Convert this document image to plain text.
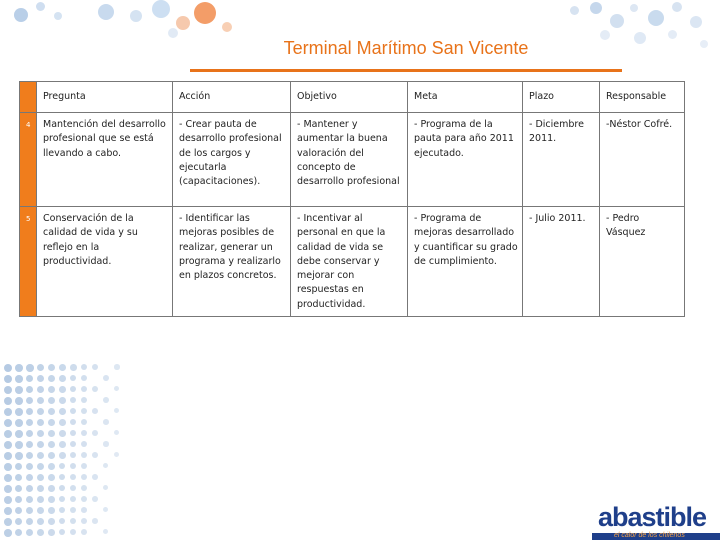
Terminal Marítimo San Vicente
	Pregunta	Acción	Objetivo	Meta	Plazo	Responsable
4	Mantención del desarrollo profesional que se está llevando a cabo.	- Crear pauta de desarrollo profesional de los cargos y ejecutarla (capacitaciones).	- Mantener y aumentar la buena valoración del concepto de desarrollo profesional	- Programa de la pauta para año 2011 ejecutado.	- Diciembre 2011.	-Néstor Cofré.
5	Conservación de la calidad de vida y su reflejo en la productividad.	- Identificar las mejoras posibles de realizar, generar un programa y realizarlo en plazos concretos.	- Incentivar al personal en que la calidad de vida se debe conservar y mejorar con respuestas en productividad.	- Programa de mejoras desarrollado y cuantificar su grado de cumplimiento.	- Julio 2011.	- Pedro Vásquez
abastible
el calor de los chilenos
